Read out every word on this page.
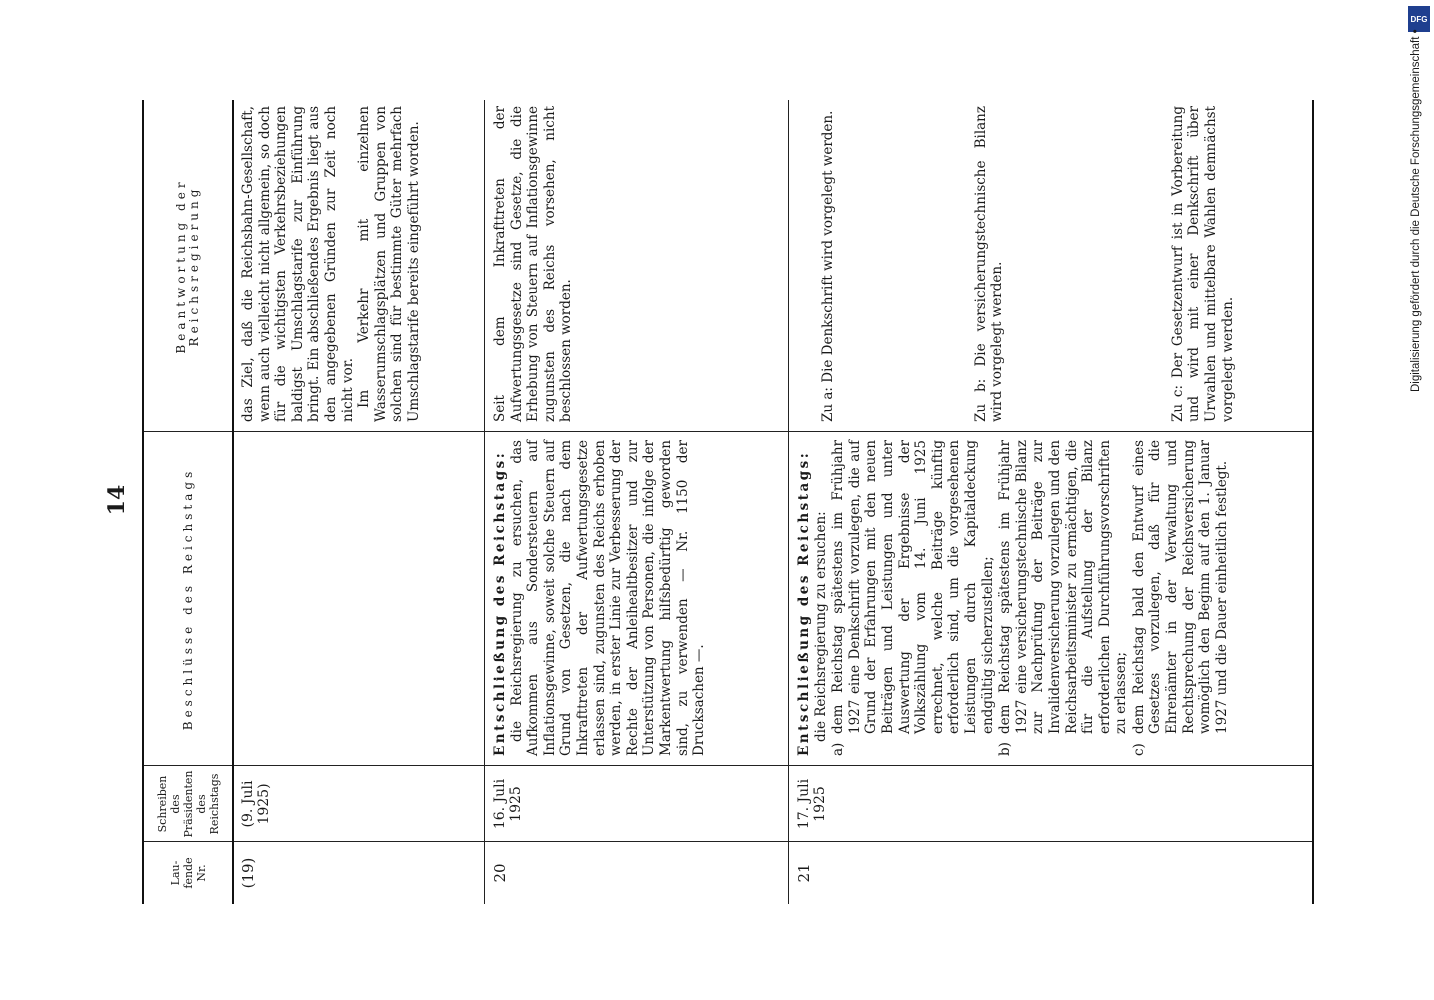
14
Lau-
fende
Nr.
Schreiben
des
Präsidenten
des
Reichstags
Beschlüsse des Reichstags
Beantwortung der Reichsregierung
(19)
(9. Juli
1925)
das Ziel, daß die Reichsbahn-Gesellschaft, wenn auch vielleicht nicht allgemein, so doch für die wichtigsten Verkehrsbeziehungen baldigst Umschlagstarife zur Einführung bringt. Ein abschließendes Ergebnis liegt aus den angegebenen Gründen zur Zeit noch nicht vor. Im Verkehr mit einzelnen Wasserumschlagsplätzen und Gruppen von solchen sind für bestimmte Güter mehrfach Umschlagstarife bereits eingeführt worden.
20
16. Juli
1925
Entschließung des Reichstags: die Reichsregierung zu ersuchen, das Aufkommen aus Sondersteuern auf Inflationsgewinne, soweit solche Steuern auf Grund von Gesetzen, die nach dem Inkrafttreten der Aufwertungsgesetze erlassen sind, zugunsten des Reichs erhoben werden, in erster Linie zur Verbesserung der Rechte der Anleihealtbesitzer und zur Unterstützung von Personen, die infolge der Markentwertung hilfsbedürftig geworden sind, zu verwenden — Nr. 1150 der Drucksachen —.
Seit dem Inkrafttreten der Aufwertungsgesetze sind Gesetze, die die Erhebung von Steuern auf Inflationsgewinne zugunsten des Reichs vorsehen, nicht beschlossen worden.
21
17. Juli
1925
Entschließung des Reichstags: die Reichsregierung zu ersuchen:
a)
dem Reichstag spätestens im Frühjahr 1927 eine Denkschrift vorzulegen, die auf Grund der Erfahrungen mit den neuen Beiträgen und Leistungen und unter Auswertung der Ergebnisse der Volkszählung vom 14. Juni 1925 errechnet, welche Beiträge künftig erforderlich sind, um die vorgesehenen Leistungen durch Kapitaldeckung endgültig sicherzustellen;
b)
dem Reichstag spätestens im Frühjahr 1927 eine versicherungstechnische Bilanz zur Nachprüfung der Beiträge zur Invalidenversicherung vorzulegen und den Reichsarbeitsminister zu ermächtigen, die für die Aufstellung der Bilanz erforderlichen Durchführungsvorschriften zu erlassen;
c)
dem Reichstag bald den Entwurf eines Gesetzes vorzulegen, daß für die Ehrenämter in der Verwaltung und Rechtsprechung der Reichsversicherung womöglich den Beginn auf den 1. Januar 1927 und die Dauer einheitlich festlegt.
Zu a: Die Denkschrift wird vorgelegt werden.	Zu b: Die versicherungstechnische Bilanz wird vorgelegt werden.	Zu c: Der Gesetzentwurf ist in Vorbereitung und wird mit einer Denkschrift über Urwahlen und mittelbare Wahlen demnächst vorgelegt werden.
DFG
Digitalisierung gefördert durch die Deutsche Forschungsgemeinschaft •
